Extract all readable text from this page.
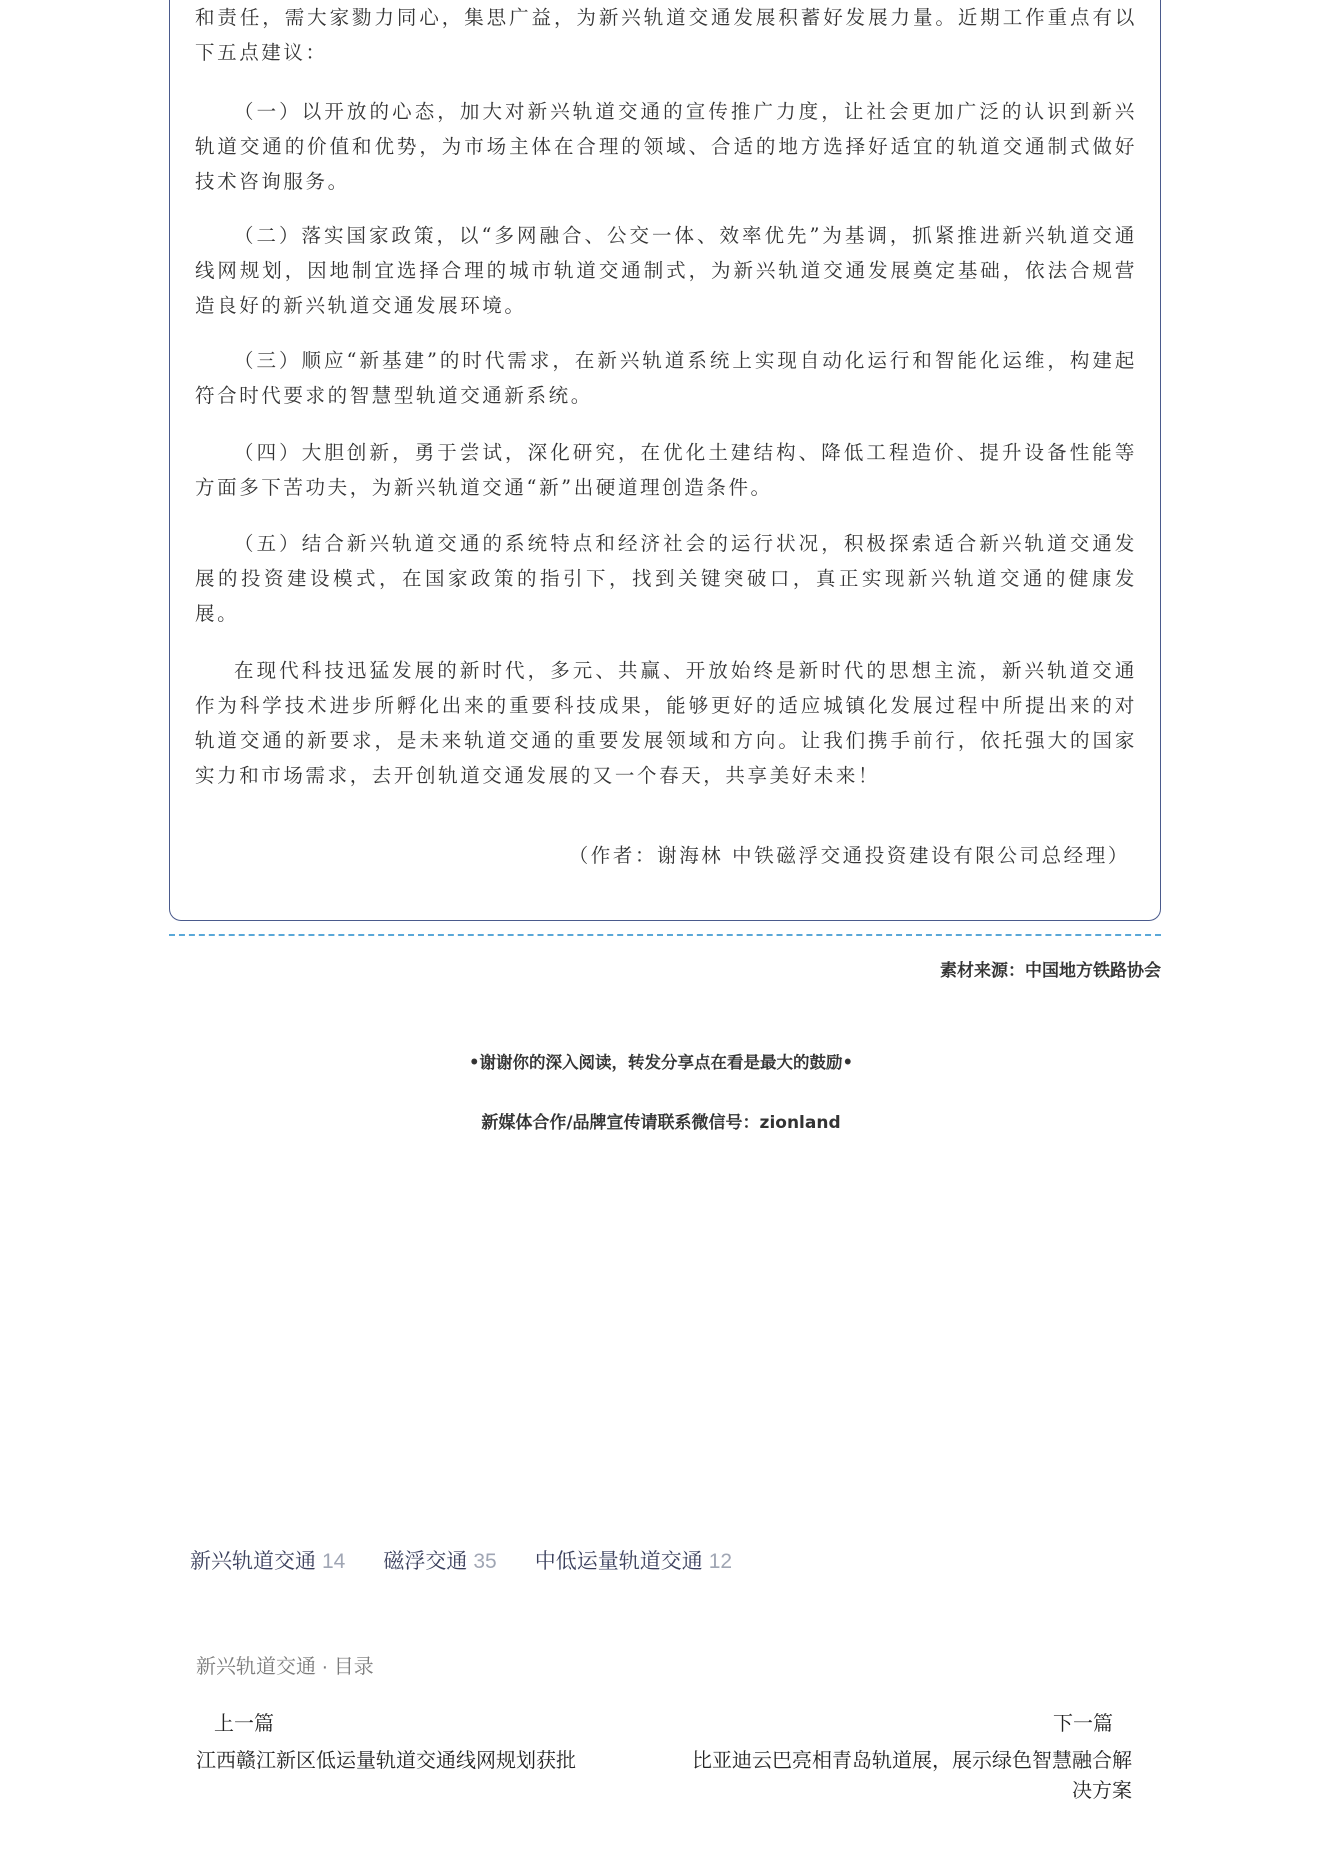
和责任，需大家勠力同心，集思广益，为新兴轨道交通发展积蓄好发展力量。近期工作重点有以下五点建议：

（一）以开放的心态，加大对新兴轨道交通的宣传推广力度，让社会更加广泛的认识到新兴轨道交通的价值和优势，为市场主体在合理的领域、合适的地方选择好适宜的轨道交通制式做好技术咨询服务。

（二）落实国家政策，以“多网融合、公交一体、效率优先”为基调，抓紧推进新兴轨道交通线网规划，因地制宜选择合理的城市轨道交通制式，为新兴轨道交通发展奠定基础，依法合规营造良好的新兴轨道交通发展环境。

（三）顺应“新基建”的时代需求，在新兴轨道系统上实现自动化运行和智能化运维，构建起符合时代要求的智慧型轨道交通新系统。

（四）大胆创新，勇于尝试，深化研究，在优化土建结构、降低工程造价、提升设备性能等方面多下苦功夫，为新兴轨道交通“新”出硬道理创造条件。

（五）结合新兴轨道交通的系统特点和经济社会的运行状况，积极探索适合新兴轨道交通发展的投资建设模式，在国家政策的指引下，找到关键突破口，真正实现新兴轨道交通的健康发展。

在现代科技迅猛发展的新时代，多元、共赢、开放始终是新时代的思想主流，新兴轨道交通作为科学技术进步所孵化出来的重要科技成果，能够更好的适应城镇化发展过程中所提出来的对轨道交通的新要求，是未来轨道交通的重要发展领域和方向。让我们携手前行，依托强大的国家实力和市场需求，去开创轨道交通发展的又一个春天，共享美好未来！

（作者：谢海林 中铁磁浮交通投资建设有限公司总经理）

素材来源：中国地方铁路协会
•谢谢你的深入阅读，转发分享点在看是最大的鼓励•
新媒体合作/品牌宣传请联系微信号：zionland
新兴轨道交通 14 磁浮交通 35 中低运量轨道交通 12
新兴轨道交通 · 目录
上一篇	下一篇
江西赣江新区低运量轨道交通线网规划获批	比亚迪云巴亮相青岛轨道展，展示绿色智慧融合解决方案
